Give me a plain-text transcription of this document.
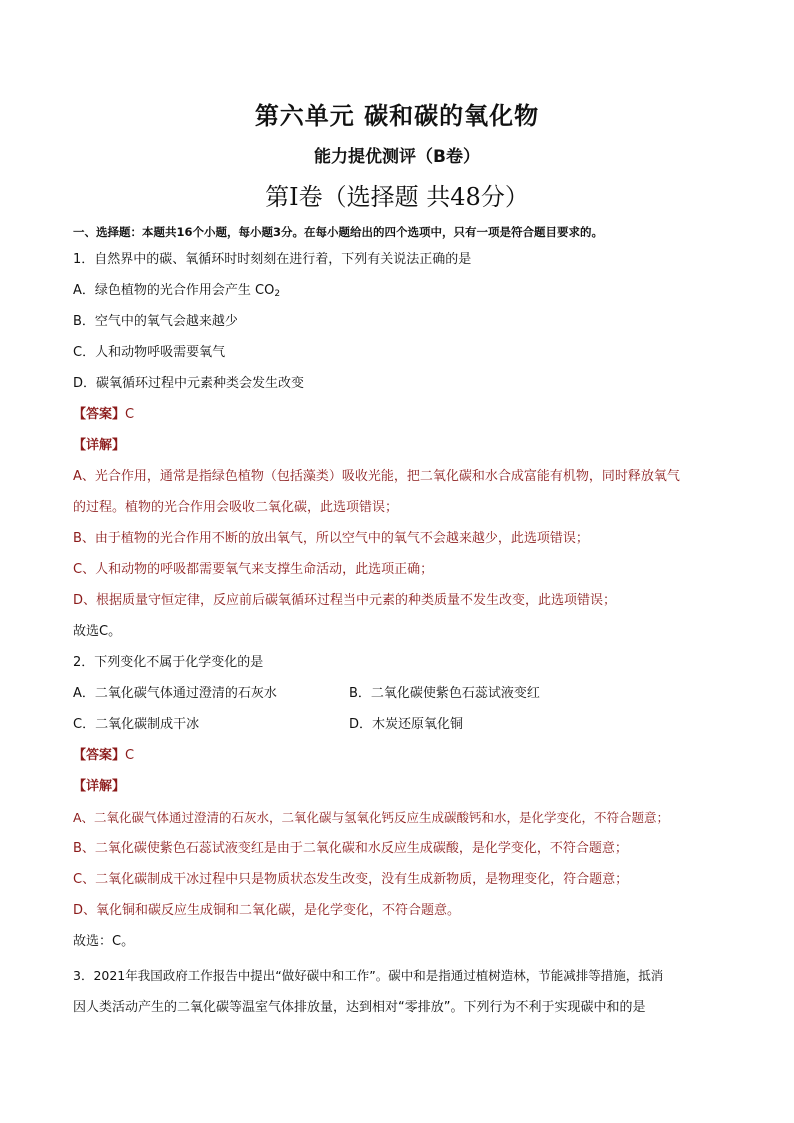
第六单元 碳和碳的氧化物
能力提优测评（B卷）
第Ⅰ卷（选择题 共48分）
一、选择题：本题共16个小题，每小题3分。在每小题给出的四个选项中，只有一项是符合题目要求的。
1．自然界中的碳、氧循环时时刻刻在进行着，下列有关说法正确的是
A．绿色植物的光合作用会产生 $CO_2$
B．空气中的氧气会越来越少
C．人和动物呼吸需要氧气
D．碳氧循环过程中元素种类会发生改变
【答案】C
【详解】
A、光合作用，通常是指绿色植物（包括藻类）吸收光能，把二氧化碳和水合成富能有机物，同时释放氧气
的过程。植物的光合作用会吸收二氧化碳，此选项错误；
B、由于植物的光合作用不断的放出氧气，所以空气中的氧气不会越来越少，此选项错误；
C、人和动物的呼吸都需要氧气来支撑生命活动，此选项正确；
D、根据质量守恒定律，反应前后碳氧循环过程当中元素的种类质量不发生改变，此选项错误；
故选C。
2．下列变化不属于化学变化的是
A．二氧化碳气体通过澄清的石灰水	B．二氧化碳使紫色石蕊试液变红
C．二氧化碳制成干冰	D．木炭还原氧化铜
【答案】C
【详解】
A、二氧化碳气体通过澄清的石灰水，二氧化碳与氢氧化钙反应生成碳酸钙和水，是化学变化，不符合题意；
B、二氧化碳使紫色石蕊试液变红是由于二氧化碳和水反应生成碳酸，是化学变化，不符合题意；
C、二氧化碳制成干冰过程中只是物质状态发生改变，没有生成新物质，是物理变化，符合题意；
D、氧化铜和碳反应生成铜和二氧化碳，是化学变化，不符合题意。
故选：C。
3．2021年我国政府工作报告中提出“做好碳中和工作”。碳中和是指通过植树造林，节能减排等措施，抵消
因人类活动产生的二氧化碳等温室气体排放量，达到相对“零排放”。下列行为不利于实现碳中和的是
